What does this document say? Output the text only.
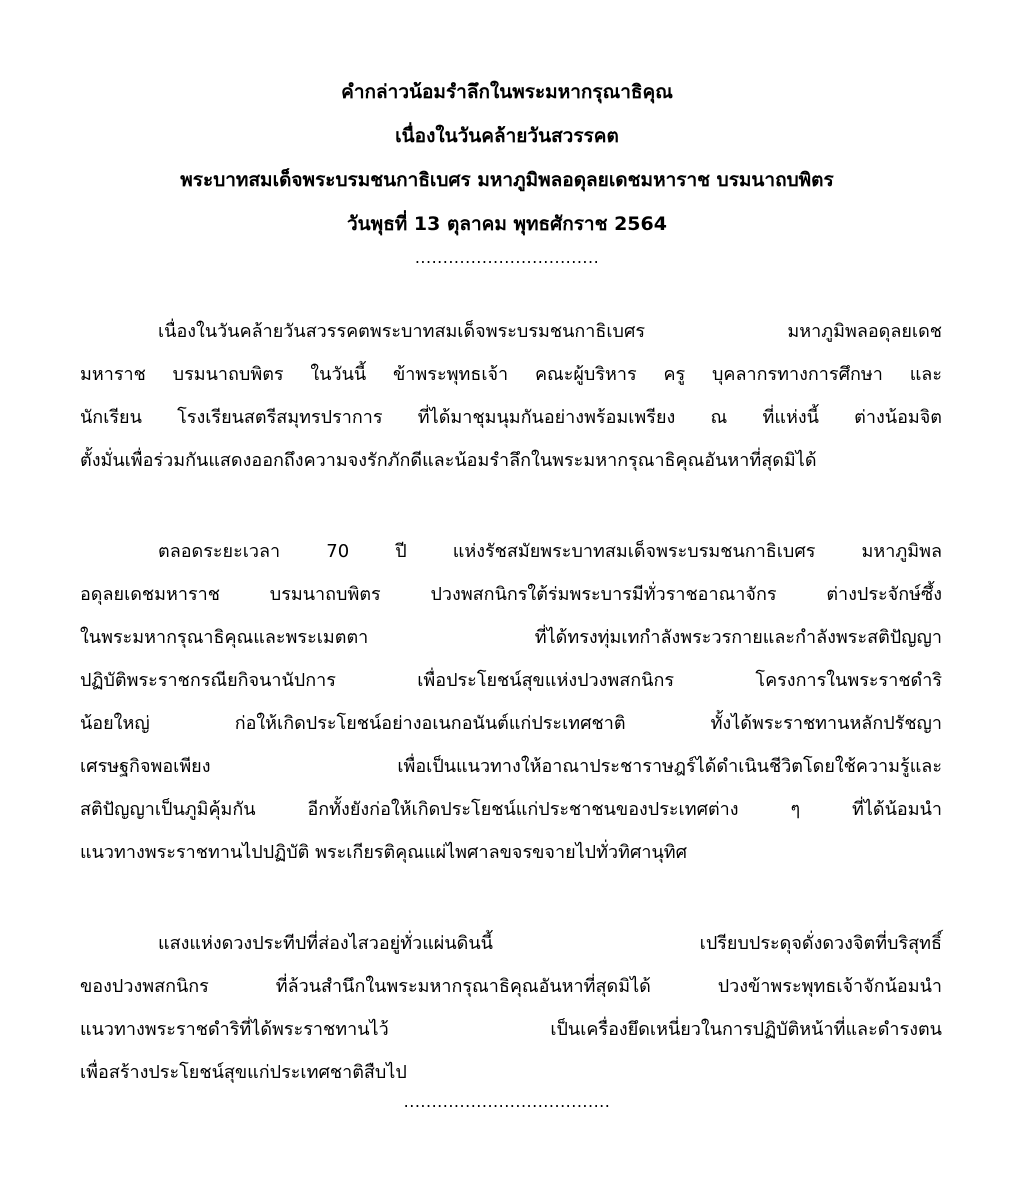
คำกล่าวน้อมรำลึกในพระมหากรุณาธิคุณ
เนื่องในวันคล้ายวันสวรรคต
พระบาทสมเด็จพระบรมชนกาธิเบศร มหาภูมิพลอดุลยเดชมหาราช บรมนาถบพิตร
วันพุธที่ 13 ตุลาคม พุทธศักราช 2564
.................................
เนื่องในวันคล้ายวันสวรรคตพระบาทสมเด็จพระบรมชนกาธิเบศร มหาภูมิพลอดุลยเดช
มหาราช บรมนาถบพิตร ในวันนี้ ข้าพระพุทธเจ้า คณะผู้บริหาร ครู บุคลากรทางการศึกษา และ
นักเรียน โรงเรียนสตรีสมุทรปราการ ที่ได้มาชุมนุมกันอย่างพร้อมเพรียง ณ ที่แห่งนี้ ต่างน้อมจิต
ตั้งมั่นเพื่อร่วมกันแสดงออกถึงความจงรักภักดีและน้อมรำลึกในพระมหากรุณาธิคุณอันหาที่สุดมิได้
ตลอดระยะเวลา 70 ปี แห่งรัชสมัยพระบาทสมเด็จพระบรมชนกาธิเบศร มหาภูมิพล
อดุลยเดชมหาราช บรมนาถบพิตร ปวงพสกนิกรใต้ร่มพระบารมีทั่วราชอาณาจักร ต่างประจักษ์ซึ้ง
ในพระมหากรุณาธิคุณและพระเมตตา ที่ได้ทรงทุ่มเทกำลังพระวรกายและกำลังพระสติปัญญา
ปฏิบัติพระราชกรณียกิจนานัปการ เพื่อประโยชน์สุขแห่งปวงพสกนิกร โครงการในพระราชดำริ
น้อยใหญ่ ก่อให้เกิดประโยชน์อย่างอเนกอนันต์แก่ประเทศชาติ ทั้งได้พระราชทานหลักปรัชญา
เศรษฐกิจพอเพียง เพื่อเป็นแนวทางให้อาณาประชาราษฎร์ได้ดำเนินชีวิตโดยใช้ความรู้และ
สติปัญญาเป็นภูมิคุ้มกัน อีกทั้งยังก่อให้เกิดประโยชน์แก่ประชาชนของประเทศต่าง ๆ ที่ได้น้อมนำ
แนวทางพระราชทานไปปฏิบัติ พระเกียรติคุณแผ่ไพศาลขจรขจายไปทั่วทิศานุทิศ
แสงแห่งดวงประทีปที่ส่องไสวอยู่ทั่วแผ่นดินนี้ เปรียบประดุจดั่งดวงจิตที่บริสุทธิ์
ของปวงพสกนิกร ที่ล้วนสำนึกในพระมหากรุณาธิคุณอันหาที่สุดมิได้ ปวงข้าพระพุทธเจ้าจักน้อมนำ
แนวทางพระราชดำริที่ได้พระราชทานไว้ เป็นเครื่องยึดเหนี่ยวในการปฏิบัติหน้าที่และดำรงตน
เพื่อสร้างประโยชน์สุขแก่ประเทศชาติสืบไป
.....................................
